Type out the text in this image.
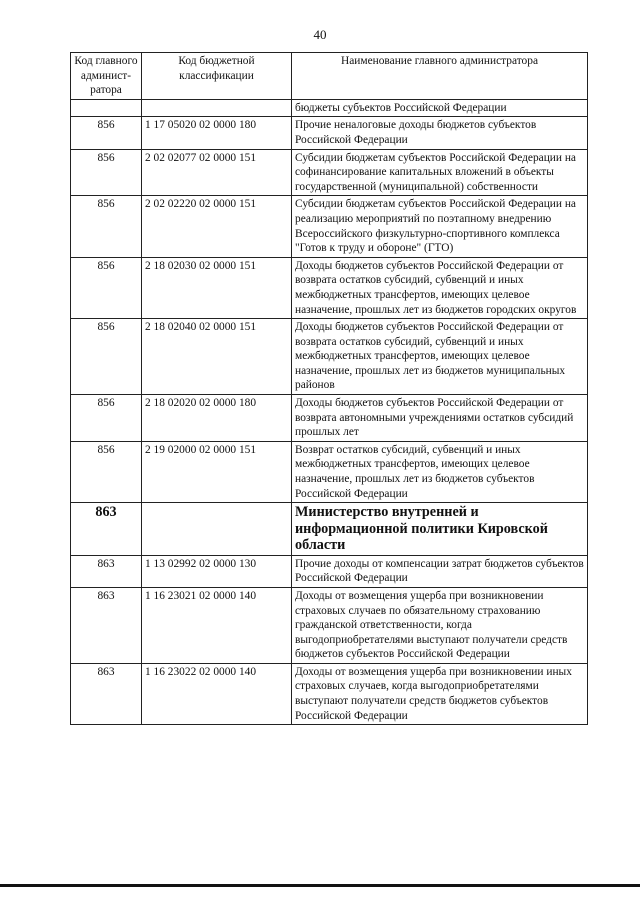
40
Код главного админист- ратора	Код бюджетной классификации	Наименование главного администратора
		бюджеты субъектов Российской Федерации
856	1 17 05020 02 0000 180	Прочие неналоговые доходы бюджетов субъектов Российской Федерации
856	2 02 02077 02 0000 151	Субсидии бюджетам субъектов Российской Федерации на софинансирование капитальных вложений в объекты государственной (муниципальной) собственности
856	2 02 02220 02 0000 151	Субсидии бюджетам субъектов Российской Федерации на реализацию мероприятий по поэтапному внедрению Всероссийского физкультурно-спортивного комплекса "Готов к труду и обороне" (ГТО)
856	2 18 02030 02 0000 151	Доходы бюджетов субъектов Российской Федерации от возврата остатков субсидий, субвенций и иных межбюджетных трансфертов, имеющих целевое назначение, прошлых лет из бюджетов городских округов
856	2 18 02040 02 0000 151	Доходы бюджетов субъектов Российской Федерации от возврата остатков субсидий, субвенций и иных межбюджетных трансфертов, имеющих целевое назначение, прошлых лет из бюджетов муниципальных районов
856	2 18 02020 02 0000 180	Доходы бюджетов субъектов Российской Федерации от возврата автономными учреждениями остатков субсидий прошлых лет
856	2 19 02000 02 0000 151	Возврат остатков субсидий, субвенций и иных межбюджетных трансфертов, имеющих целевое назначение, прошлых лет из бюджетов субъектов Российской Федерации
863		Министерство внутренней и информационной политики Кировской области
863	1 13 02992 02 0000 130	Прочие доходы от компенсации затрат бюджетов субъектов Российской Федерации
863	1 16 23021 02 0000 140	Доходы от возмещения ущерба при возникновении страховых случаев по обязательному страхованию гражданской ответственности, когда выгодоприобретателями выступают получатели средств бюджетов субъектов Российской Федерации
863	1 16 23022 02 0000 140	Доходы от возмещения ущерба при возникновении иных страховых случаев, когда выгодоприобретателями выступают получатели средств бюджетов субъектов Российской Федерации
